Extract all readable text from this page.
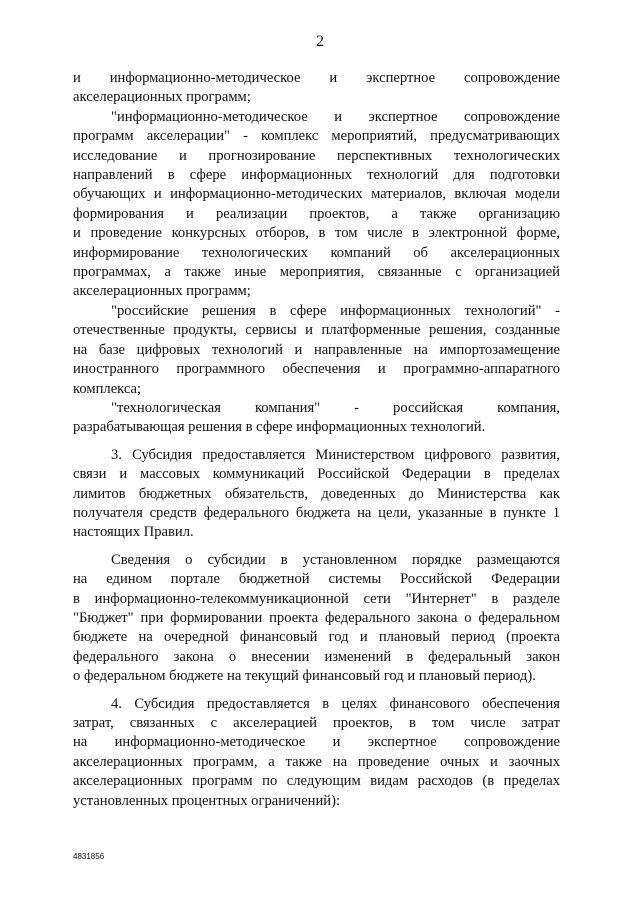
2

и информационно-методическое и экспертное сопровождение
акселерационных программ;

"информационно-методическое и экспертное сопровождение
программ акселерации" - комплекс мероприятий, предусматривающих
исследование и прогнозирование перспективных технологических
направлений в сфере информационных технологий для подготовки
обучающих и информационно-методических материалов, включая модели
формирования и реализации проектов, а также организацию
и проведение конкурсных отборов, в том числе в электронной форме,
информирование технологических компаний об акселерационных
программах, а также иные мероприятия, связанные с организацией
акселерационных программ;

"российские решения в сфере информационных технологий" -
отечественные продукты, сервисы и платформенные решения, созданные
на базе цифровых технологий и направленные на импортозамещение
иностранного программного обеспечения и программно-аппаратного
комплекса;

"технологическая компания" - российская компания,
разрабатывающая решения в сфере информационных технологий.

3. Субсидия предоставляется Министерством цифрового развития,
связи и массовых коммуникаций Российской Федерации в пределах
лимитов бюджетных обязательств, доведенных до Министерства как
получателя средств федерального бюджета на цели, указанные в пункте 1
настоящих Правил.

Сведения о субсидии в установленном порядке размещаются
на едином портале бюджетной системы Российской Федерации
в информационно-телекоммуникационной сети "Интернет" в разделе
"Бюджет" при формировании проекта федерального закона о федеральном
бюджете на очередной финансовый год и плановый период (проекта
федерального закона о внесении изменений в федеральный закон
о федеральном бюджете на текущий финансовый год и плановый период).

4. Субсидия предоставляется в целях финансового обеспечения
затрат, связанных с акселерацией проектов, в том числе затрат
на информационно-методическое и экспертное сопровождение
акселерационных программ, а также на проведение очных и заочных
акселерационных программ по следующим видам расходов (в пределах
установленных процентных ограничений):

4831856
